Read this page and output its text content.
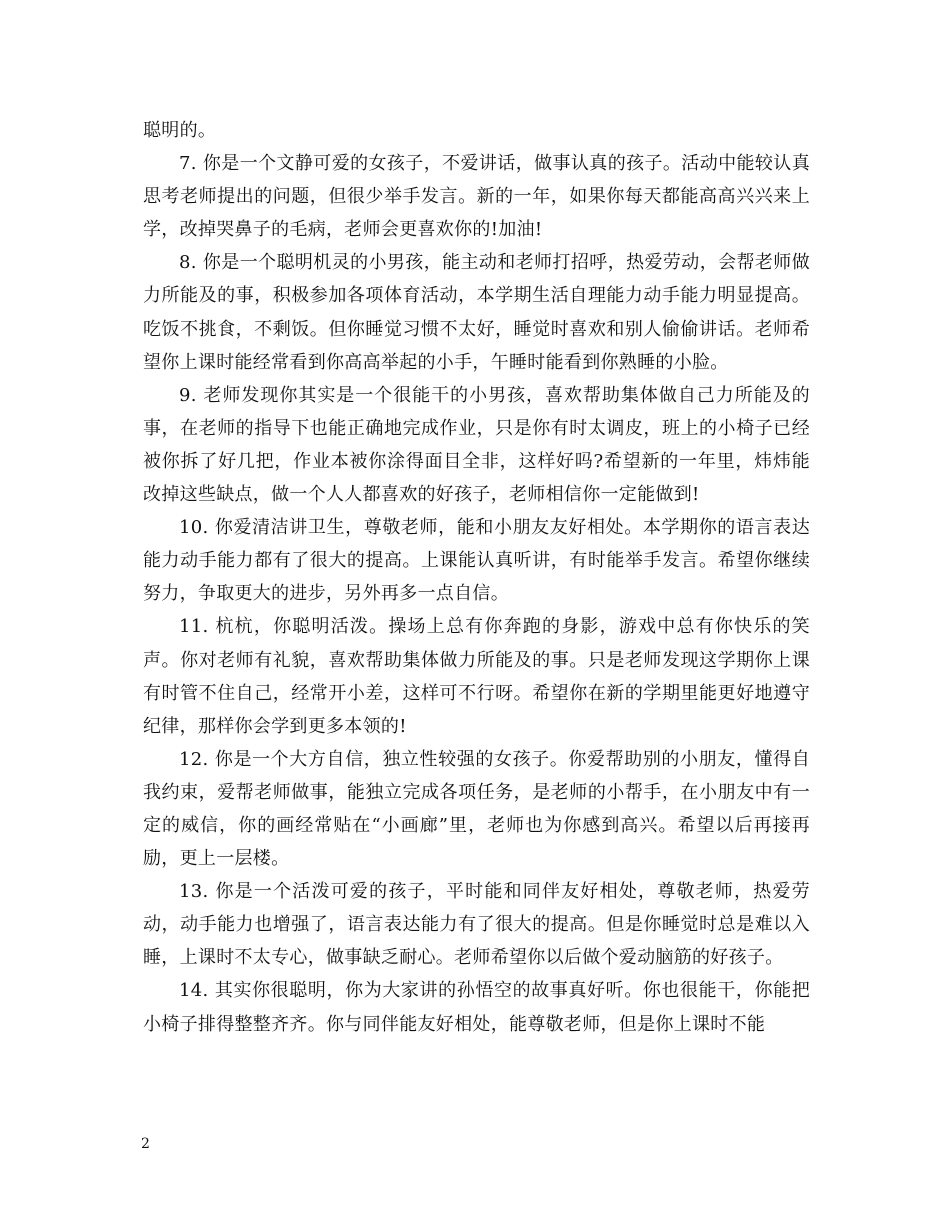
聪明的。

7. 你是一个文静可爱的女孩子，不爱讲话，做事认真的孩子。活动中能较认真思考老师提出的问题，但很少举手发言。新的一年，如果你每天都能高高兴兴来上学，改掉哭鼻子的毛病，老师会更喜欢你的!加油!

8. 你是一个聪明机灵的小男孩，能主动和老师打招呼，热爱劳动，会帮老师做力所能及的事，积极参加各项体育活动，本学期生活自理能力动手能力明显提高。吃饭不挑食，不剩饭。但你睡觉习惯不太好，睡觉时喜欢和别人偷偷讲话。老师希望你上课时能经常看到你高高举起的小手，午睡时能看到你熟睡的小脸。

9. 老师发现你其实是一个很能干的小男孩，喜欢帮助集体做自己力所能及的事，在老师的指导下也能正确地完成作业，只是你有时太调皮，班上的小椅子已经被你拆了好几把，作业本被你涂得面目全非，这样好吗?希望新的一年里，炜炜能改掉这些缺点，做一个人人都喜欢的好孩子，老师相信你一定能做到!

10. 你爱清洁讲卫生，尊敬老师，能和小朋友友好相处。本学期你的语言表达能力动手能力都有了很大的提高。上课能认真听讲，有时能举手发言。希望你继续努力，争取更大的进步，另外再多一点自信。

11. 杭杭，你聪明活泼。操场上总有你奔跑的身影，游戏中总有你快乐的笑声。你对老师有礼貌，喜欢帮助集体做力所能及的事。只是老师发现这学期你上课有时管不住自己，经常开小差，这样可不行呀。希望你在新的学期里能更好地遵守纪律，那样你会学到更多本领的!

12. 你是一个大方自信，独立性较强的女孩子。你爱帮助别的小朋友，懂得自我约束，爱帮老师做事，能独立完成各项任务，是老师的小帮手，在小朋友中有一定的威信，你的画经常贴在“小画廊”里，老师也为你感到高兴。希望以后再接再励，更上一层楼。

13. 你是一个活泼可爱的孩子，平时能和同伴友好相处，尊敬老师，热爱劳动，动手能力也增强了，语言表达能力有了很大的提高。但是你睡觉时总是难以入睡，上课时不太专心，做事缺乏耐心。老师希望你以后做个爱动脑筋的好孩子。

14. 其实你很聪明，你为大家讲的孙悟空的故事真好听。你也很能干，你能把小椅子排得整整齐齐。你与同伴能友好相处，能尊敬老师，但是你上课时不能

2
